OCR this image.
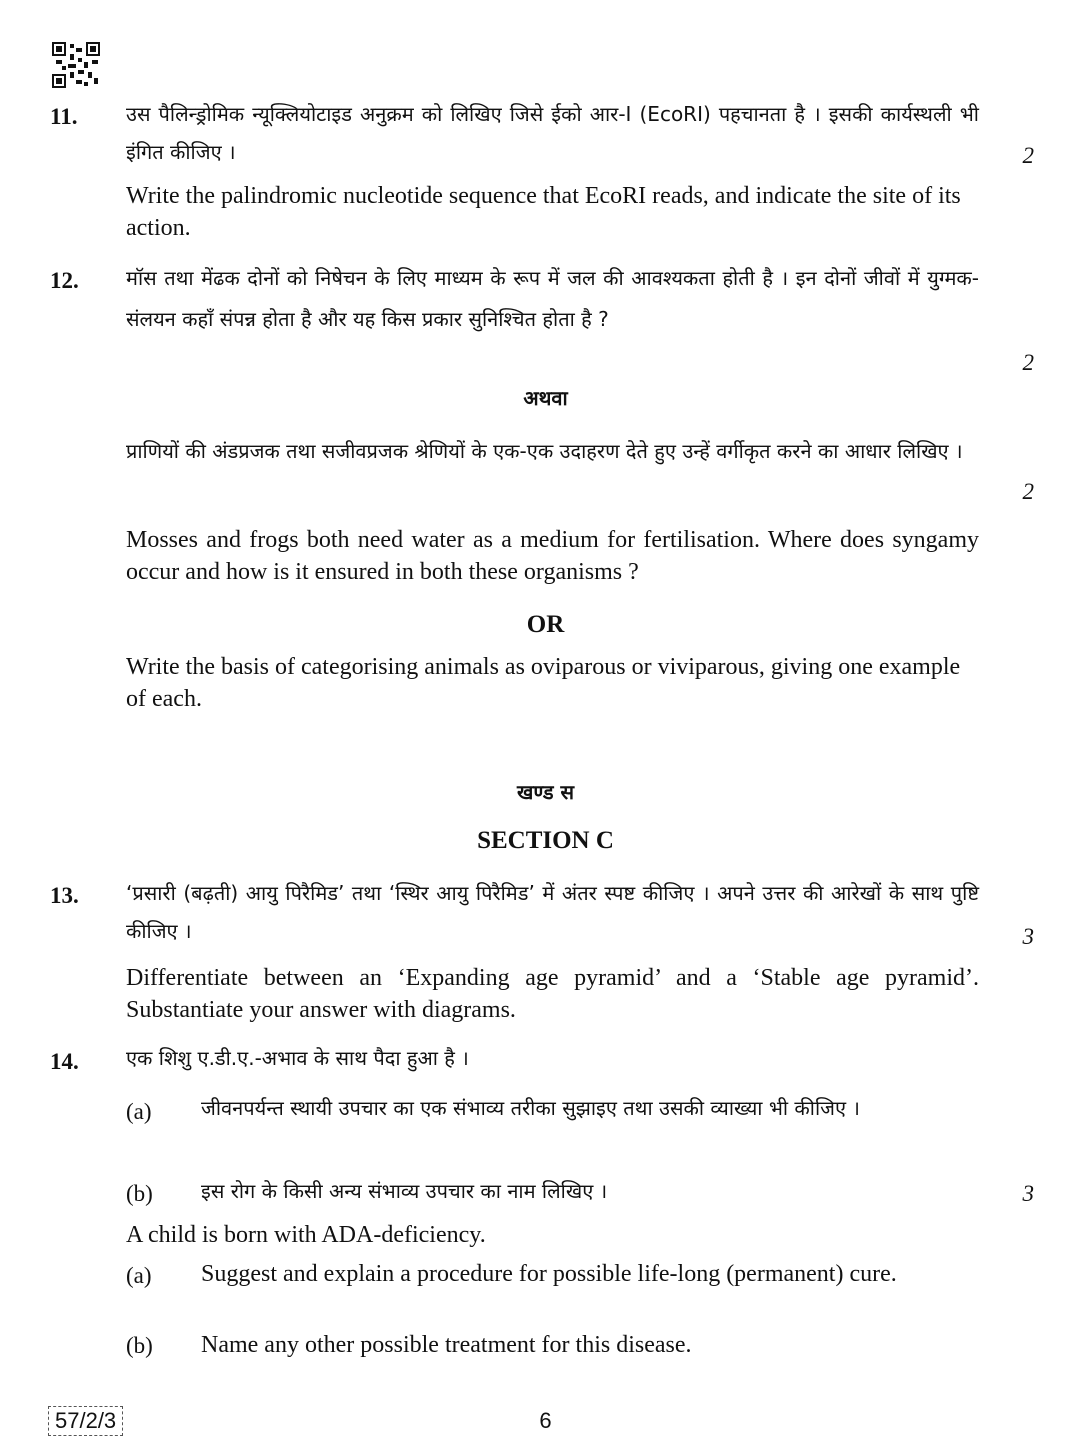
11. उस पैलिन्ड्रोमिक न्यूक्लियोटाइड अनुक्रम को लिखिए जिसे ईको आर-I (EcoRI) पहचानता है । इसकी कार्यस्थली भी इंगित कीजिए ।	2
Write the palindromic nucleotide sequence that EcoRI reads, and indicate the site of its action.
12. मॉस तथा मेंढक दोनों को निषेचन के लिए माध्यम के रूप में जल की आवश्यकता होती है । इन दोनों जीवों में युग्मक-संलयन कहाँ संपन्न होता है और यह किस प्रकार सुनिश्चित होता है ?
2
अथवा
प्राणियों की अंडप्रजक तथा सजीवप्रजक श्रेणियों के एक-एक उदाहरण देते हुए उन्हें वर्गीकृत करने का आधार लिखिए ।
2
Mosses and frogs both need water as a medium for fertilisation. Where does syngamy occur and how is it ensured in both these organisms ?
OR
Write the basis of categorising animals as oviparous or viviparous, giving one example of each.
खण्ड स
SECTION C
13. ‘प्रसारी (बढ़ती) आयु पिरैमिड’ तथा ‘स्थिर आयु पिरैमिड’ में अंतर स्पष्ट कीजिए । अपने उत्तर की आरेखों के साथ पुष्टि कीजिए ।	3
Differentiate between an ‘Expanding age pyramid’ and a ‘Stable age pyramid’. Substantiate your answer with diagrams.
14. एक शिशु ए.डी.ए.-अभाव के साथ पैदा हुआ है ।
(a) जीवनपर्यन्त स्थायी उपचार का एक संभाव्य तरीका सुझाइए तथा उसकी व्याख्या भी कीजिए ।
(b) इस रोग के किसी अन्य संभाव्य उपचार का नाम लिखिए ।	3
A child is born with ADA-deficiency.
(a) Suggest and explain a procedure for possible life-long (permanent) cure.
(b) Name any other possible treatment for this disease.
57/2/3	6
